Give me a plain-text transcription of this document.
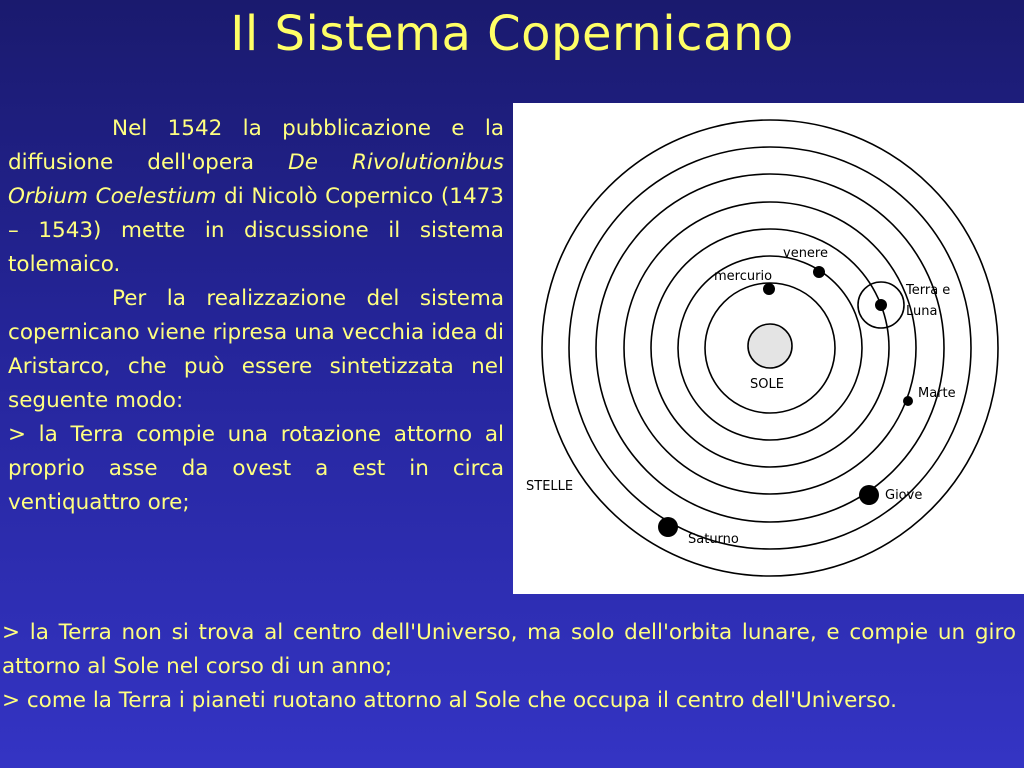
Il Sistema Copernicano

Nel 1542 la pubblicazione e la diffusione dell'opera De Rivolutionibus Orbium Coelestium di Nicolò Copernico (1473 – 1543) mette in discussione il sistema tolemaico.

Per la realizzazione del sistema copernicano viene ripresa una vecchia idea di Aristarco, che può essere sintetizzata nel seguente modo:

> la Terra compie una rotazione attorno al proprio asse da ovest a est in circa ventiquattro ore;

SOLE
mercurio
venere
Terra e
Luna
Marte
Giove
Saturno
STELLE

> la Terra non si trova al centro dell'Universo, ma solo dell'orbita lunare, e compie un giro attorno al Sole nel corso di un anno;

> come la Terra i pianeti ruotano attorno al Sole che occupa il centro dell'Universo.
